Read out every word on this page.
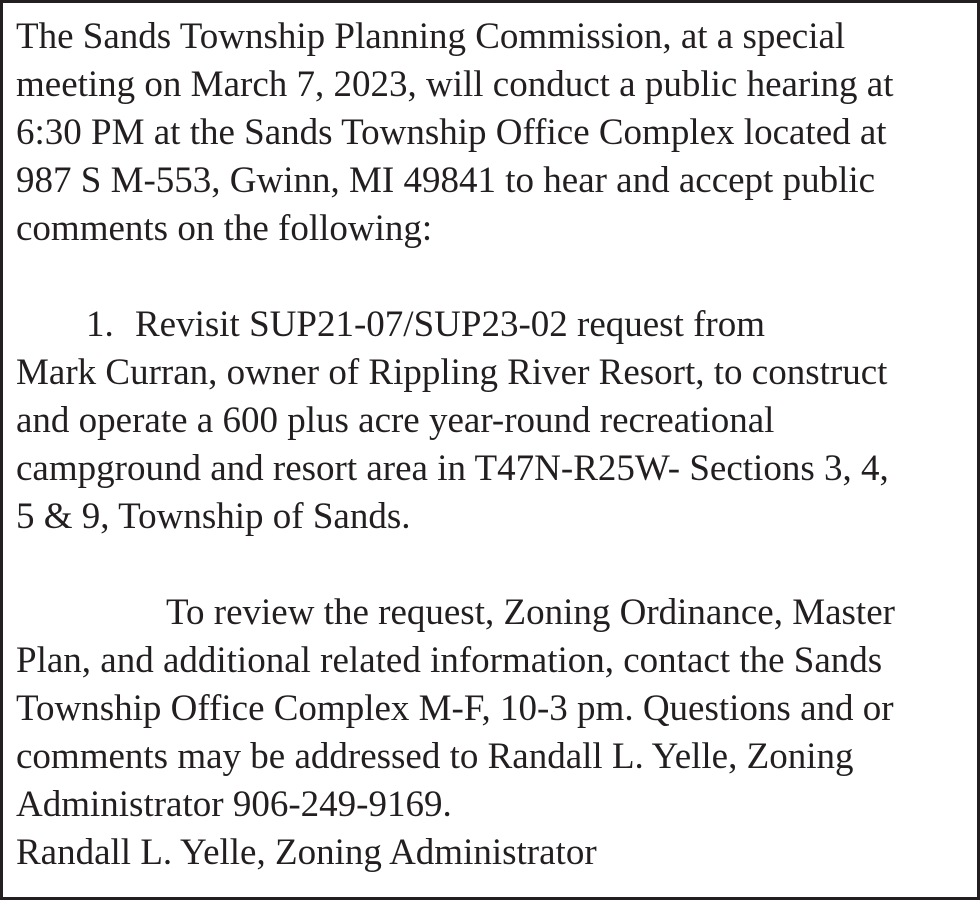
The Sands Township Planning Commission, at a special
meeting on March 7, 2023, will conduct a public hearing at
6:30 PM at the Sands Township Office Complex located at
987 S M-553, Gwinn, MI 49841 to hear and accept public
comments on the following:
1. Revisit SUP21-07/SUP23-02 request from
Mark Curran, owner of Rippling River Resort, to construct
and operate a 600 plus acre year-round recreational
campground and resort area in T47N-R25W- Sections 3, 4,
5 & 9, Township of Sands.
To review the request, Zoning Ordinance, Master
Plan, and additional related information, contact the Sands
Township Office Complex M-F, 10-3 pm. Questions and or
comments may be addressed to Randall L. Yelle, Zoning
Administrator 906-249-9169.
Randall L. Yelle, Zoning Administrator
